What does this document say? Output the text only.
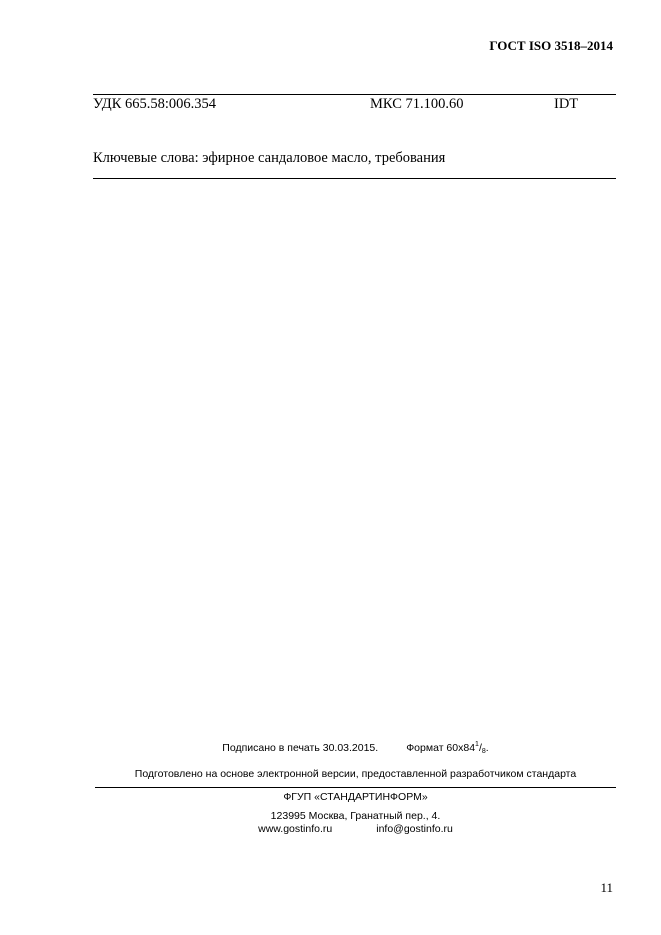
ГОСТ ISO 3518–2014
УДК 665.58:006.354	МКС 71.100.60	IDT
Ключевые слова: эфирное сандаловое масло, требования
Подписано в печать 30.03.2015.	Формат $60х84^1/_8$.
Подготовлено на основе электронной версии, предоставленной разработчиком стандарта
ФГУП «СТАНДАРТИНФОРМ»
123995 Москва, Гранатный пер., 4.
www.gostinfo.ru	info@gostinfo.ru
11
